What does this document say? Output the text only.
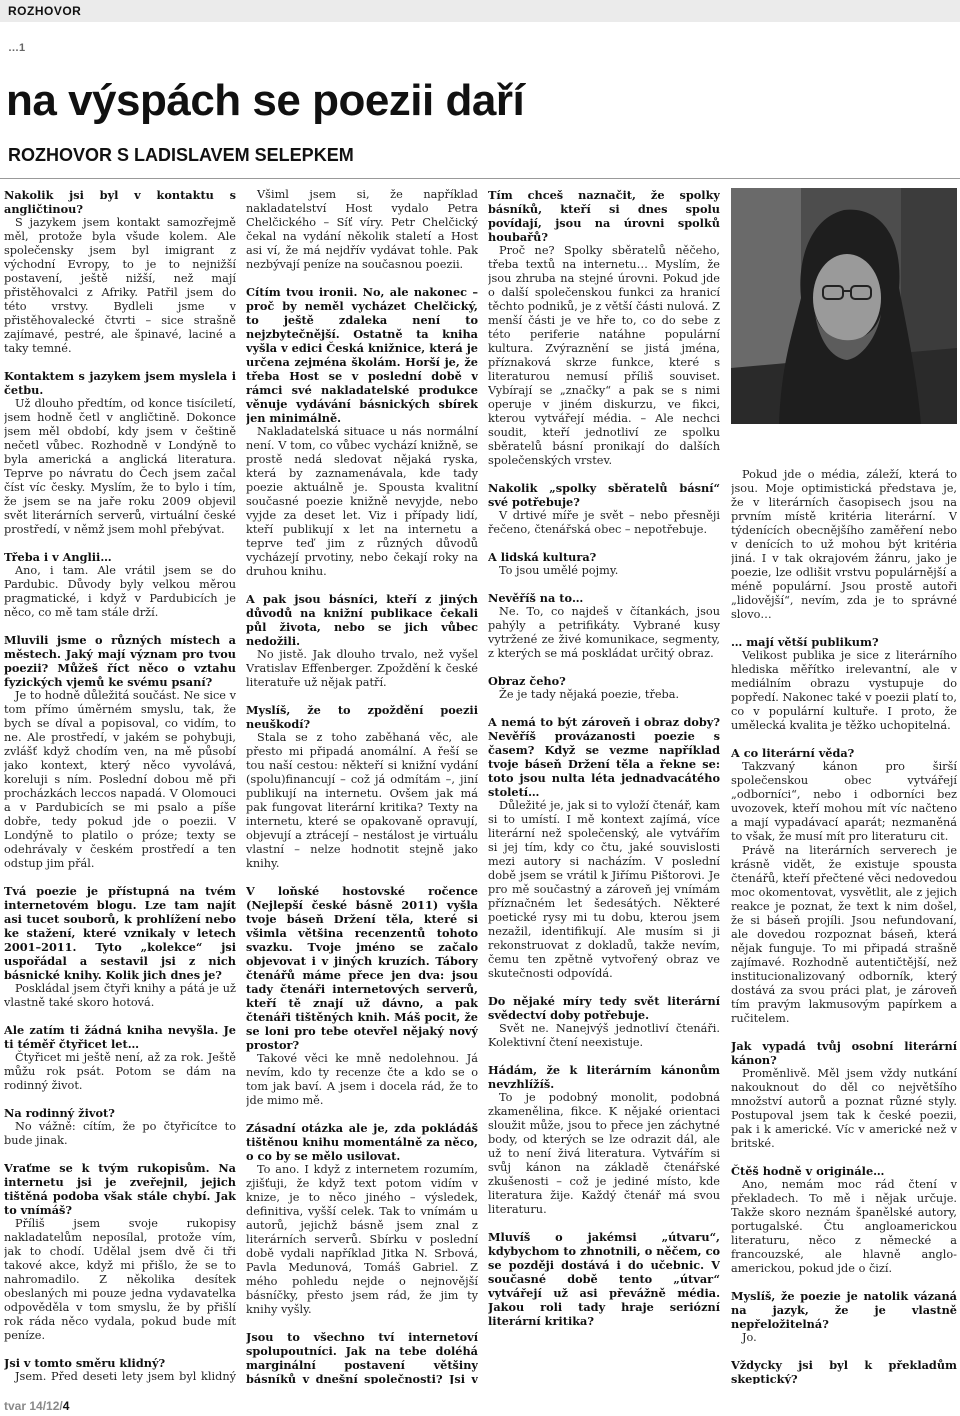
ROZHOVOR
…1
na výspách se poezii daří
ROZHOVOR S LADISLAVEM SELEPKEM

Nakolik jsi byl v kontaktu s angličtinou?

S jazykem jsem kontakt samozřejmě měl, protože byla všude kolem. Ale společensky jsem byl imigrant z východní Evropy, to je to nejnižší postavení, ještě nižší, než mají přistěhovalci z Afriky. Patřil jsem do této vrstvy. Bydleli jsme v přistěhovalecké čtvrti – sice strašně zajímavé, pestré, ale špinavé, laciné a taky temné.

Kontaktem s jazykem jsem myslela i četbu.

Už dlouho předtím, od konce tisíciletí, jsem hodně četl v angličtině. Dokonce jsem měl období, kdy jsem v češtině nečetl vůbec. Rozhodně v Londýně to byla americká a anglická literatura. Teprve po návratu do Čech jsem začal číst víc česky. Myslím, že to bylo i tím, že jsem se na jaře roku 2009 objevil svět literárních serverů, virtuální české prostředí, v němž jsem mohl přebývat.

Třeba i v Anglii…

Ano, i tam. Ale vrátil jsem se do Pardubic. Důvody byly velkou měrou pragmatické, i když v Pardubicích je něco, co mě tam stále drží.

Mluvili jsme o různých místech a městech. Jaký mají význam pro tvou poezii? Můžeš říct něco o vztahu fyzických vjemů ke svému psaní?

Je to hodně důležitá součást. Ne sice v tom přímo úměrném smyslu, tak, že bych se díval a popisoval, co vidím, to ne. Ale prostředí, v jakém se pohybuji, zvlášť když chodím ven, na mě působí jako kontext, který něco vyvolává, koreluji s ním. Poslední dobou mě při procházkách leccos napadá. V Olomouci a v Pardubicích se mi psalo a píše dobře, tedy pokud jde o poezii. V Londýně to platilo o próze; texty se odehrávaly v českém prostředí a ten odstup jim přál.

Tvá poezie je přístupná na tvém internetovém blogu. Lze tam najít asi tucet souborů, k prohlížení nebo ke stažení, které vznikaly v letech 2001–2011. Tyto „kolekce“ jsi uspořádal a sestavil jsi z nich básnické knihy. Kolik jich dnes je?

Poskládal jsem čtyři knihy a pátá je už vlastně také skoro hotová.

Ale zatím ti žádná kniha nevyšla. Je ti téměř čtyřicet let…

Čtyřicet mi ještě není, až za rok. Ještě můžu rok psát. Potom se dám na rodinný život.

Na rodinný život?

No vážně: cítím, že po čtyřicítce to bude jinak.

Vraťme se k tvým rukopisům. Na internetu jsi je zveřejnil, jejich tištěná podoba však stále chybí. Jak to vnímáš?

Příliš jsem svoje rukopisy nakladatelům neposílal, protože vím, jak to chodí. Udělal jsem dvě či tři takové akce, když mi přišlo, že se to nahromadilo. Z několika desítek obeslaných mi pouze jedna vydavatelka odpověděla v tom smyslu, že by přišlí rok ráda něco vydala, pokud bude mít peníze.

Jsi v tomto směru klidný?

Jsem. Před deseti lety jsem byl klidný

Všiml jsem si, že například nakladatelství Host vydalo Petra Chelčického – Síť víry. Petr Chelčický čekal na vydání několik staletí a Host asi ví, že má nejdřív vydávat tohle. Pak nezbývají peníze na současnou poezii.

Cítím tvou ironii. No, ale nakonec – proč by neměl vycházet Chelčický, to ještě zdaleka není to nejzbytečnější. Ostatně ta kniha vyšla v edici Česká knižnice, která je určena zejména školám. Horší je, že třeba Host se v poslední době v rámci své nakladatelské produkce věnuje vydávání básnických sbírek jen minimálně.

Nakladatelská situace u nás normální není. V tom, co vůbec vychází knižně, se prostě nedá sledovat nějaká ryska, která by zaznamenávala, kde tady poezie aktuálně je. Spousta kvalitní současné poezie knižně nevyjde, nebo vyjde za deset let. Viz i případy lidí, kteří publikují x let na internetu a teprve teď jim z různých důvodů vycházejí prvotiny, nebo čekají roky na druhou knihu.

A pak jsou básníci, kteří z jiných důvodů na knižní publikace čekali půl života, nebo se jich vůbec nedožili.

No jistě. Jak dlouho trvalo, než vyšel Vratislav Effenberger. Zpoždění k české literatuře už nějak patří.

Myslíš, že to zpoždění poezii neuškodí?

Stala se z toho zaběhaná věc, ale přesto mi připadá anomální. A řeší se tou naší cestou: někteří si knižní vydání (spolu)financují – což já odmítám –, jiní publikují na internetu. Ovšem jak má pak fungovat literární kritika? Texty na internetu, které se opakovaně opravují, objevují a ztrácejí – nestálost je virtuálu vlastní – nelze hodnotit stejně jako knihy.

V loňské hostovské ročence (Nejlepší české básně 2011) vyšla tvoje báseň Držení těla, které si všimla většina recenzentů tohoto svazku. Tvoje jméno se začalo objevovat i v jiných kruzích. Tábory čtenářů máme přece jen dva: jsou tady čtenáři internetových serverů, kteří tě znají už dávno, a pak čtenáři tištěných knih. Máš pocit, že se loni pro tebe otevřel nějaký nový prostor?

Takové věci ke mně nedolehnou. Já nevím, kdo ty recenze čte a kdo se o tom jak baví. A jsem i docela rád, že to jde mimo mě.

Zásadní otázka ale je, zda pokládáš tištěnou knihu momentálně za něco, o co by se mělo usilovat.

To ano. I když z internetem rozumím, zjišťuji, že když text potom vidím v knize, je to něco jiného – výsledek, definitiva, vyšší celek. Tak to vnímám u autorů, jejichž básně jsem znal z literárních serverů. Sbírku v poslední době vydali například Jitka N. Srbová, Pavla Medunová, Tomáš Gabriel. Z mého pohledu nejde o nejnovější básníčky, přesto jsem rád, že jim ty knihy vyšly.

Jsou to všechno tví internetoví spolupoutníci. Jak na tebe doléhá marginální postavení většiny básníků v dnešní společnosti? Jsi v

Tím chceš naznačit, že spolky básníků, kteří si dnes spolu povídají, jsou na úrovni spolků houbařů?

Proč ne? Spolky sběratelů něčeho, třeba textů na internetu… Myslím, že jsou zhruba na stejné úrovni. Pokud jde o další společenskou funkci za hranicí těchto podniků, je z větší části nulová. Z menší části je ve hře to, co do sebe z této periferie natáhne populární kultura. Zvýraznění se jistá jména, příznaková skrze funkce, které s literaturou nemusí příliš souviset. Vybírají se „značky“ a pak se s nimi operuje v jiném diskurzu, ve fikci, kterou vytvářejí média. – Ale nechci soudit, kteří jednotliví ze spolku sběratelů básní pronikají do dalších společenských vrstev.

Nakolik „spolky sběratelů básní“ své potřebuje?

V drtivé míře je svět – nebo přesněji řečeno, čtenářská obec – nepotřebuje.

A lidská kultura?

To jsou umělé pojmy.

Nevěříš na to…

Ne. To, co najdeš v čítankách, jsou pahýly a petrifikáty. Vybrané kusy vytržené ze živé komunikace, segmenty, z kterých se má poskládat určitý obraz.

Obraz čeho?

Že je tady nějaká poezie, třeba.

A nemá to být zároveň i obraz doby? Nevěříš provázanosti poezie s časem? Když se vezme například tvoje báseň Držení těla a řekne se: toto jsou nulta léta jednadvacátého století…

Důležité je, jak si to vyloží čtenář, kam si to umístí. I mě kontext zajímá, více literární než společenský, ale vytvářím si jej tím, kdy co čtu, jaké souvislosti mezi autory si nacházím. V poslední době jsem se vrátil k Jiřímu Pištorovi. Je pro mě součastný a zároveň jej vnímám příznačném let šedesátých. Některé poetické rysy mi tu dobu, kterou jsem nezažil, identifikují. Ale musím si ji rekonstruovat z dokladů, takže nevím, čemu ten zpětně vytvořený obraz ve skutečnosti odpovídá.

Do nějaké míry tedy svět literární svědectví doby potřebuje.

Svět ne. Nanejvýš jednotliví čtenáři. Kolektivní čtení neexistuje.

Hádám, že k literárním kánonům nevzhlížíš.

To je podobný monolit, podobná zkamenělina, fikce. K nějaké orientaci sloužit může, jsou to přece jen záchytné body, od kterých se lze odrazit dál, ale už to není živá literatura. Vytvářím si svůj kánon na základě čtenářské zkušenosti – což je jediné místo, kde literatura žije. Každý čtenář má svou literaturu.

Mluvíš o jakémsi „útvaru“, kdybychom to zhnotnili, o něčem, co se později dostává i do učebnic. V současné době tento „útvar“ vytvářejí už asi převážně média. Jakou roli tady hraje seriózní literární kritika?

Pokud jde o média, záleží, která to jsou. Moje optimistická představa je, že v literárních časopisech jsou na prvním místě kritéria literární. V týdenících obecnějšího zaměření nebo v denících to už mohou být kritéria jiná. I v tak okrajovém žánru, jako je poezie, lze odlišit vrstvu populárnější a méně populární. Jsou prostě autoři „lidovější“, nevím, zda je to správné slovo…

… mají větší publikum?

Velikost publika je sice z literárního hlediska měřítko irelevantní, ale v mediálním obrazu vystupuje do popředí. Nakonec také v poezii platí to, co v populární kultuře. I proto, že umělecká kvalita je těžko uchopitelná.

A co literární věda?

Takzvaný kánon pro širší společenskou obec vytvářejí „odborníci“, nebo i odborníci bez uvozovek, kteří mohou mít víc načteno a mají vypadávací aparát; nezmaněná to však, že musí mít pro literaturu cit.

Právě na literárních serverech je krásně vidět, že existuje spousta čtenářů, kteří přečtené věci nedovedou moc okomentovat, vysvětlit, ale z jejich reakce je poznat, že text k nim došel, že si báseň projíli. Jsou nefundovaní, ale dovedou rozpoznat báseň, která nějak funguje. To mi připadá strašně zajímavé. Rozhodně autentičtější, než institucionalizovaný odborník, který dostává za svou práci plat, je zároveň tím pravým lakmusovým papírkem a ručitelem.

Jak vypadá tvůj osobní literární kánon?

Proměnlivě. Měl jsem vždy nutkání nakouknout do děl co největšího množství autorů a poznat různé styly. Postupoval jsem tak k české poezii, pak i k americké. Víc v americké než v britské.

Čtěš hodně v originále…

Ano, nemám moc rád čtení v překladech. To mě i nějak určuje. Takže skoro neznám španělské autory, portugalské. Čtu angloamerickou literaturu, něco z německé a francouzské, ale hlavně anglo-americkou, pokud jde o čizí.

Myslíš, že poezie je natolik vázaná na jazyk, že je vlastně nepřeložitelná?

Jo.

Vždycky jsi byl k překladům skeptický?

tvar 14/12/4
